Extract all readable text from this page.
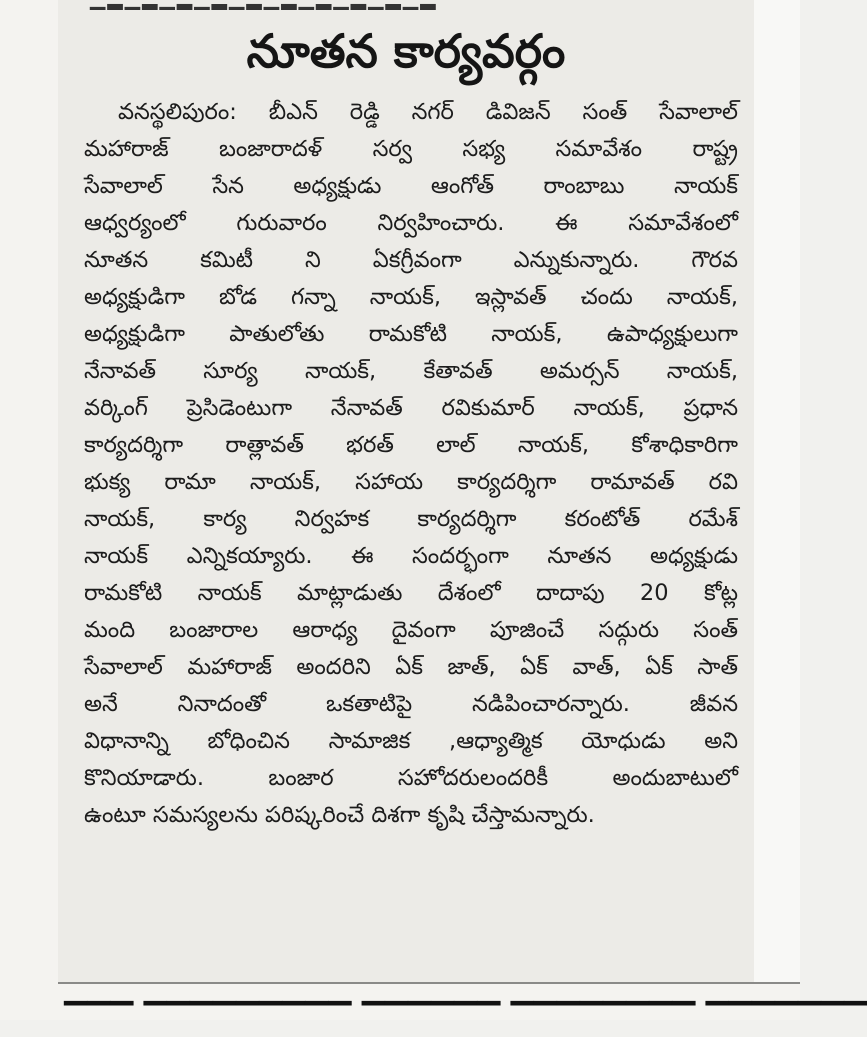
నూతన కార్యవర్గం
వనస్థలిపురం: బీఎన్ రెడ్డి నగర్ డివిజన్ సంత్ సేవాలాల్
మహారాజ్ బంజారాదళ్ సర్వ సభ్య సమావేశం రాష్ట్ర
సేవాలాల్ సేన అధ్యక్షుడు ఆంగోత్ రాంబాబు నాయక్
ఆధ్వర్యంలో గురువారం నిర్వహించారు. ఈ సమావేశంలో
నూతన కమిటీ ని ఏకగ్రీవంగా ఎన్నుకున్నారు. గౌరవ
అధ్యక్షుడిగా బోడ గన్నా నాయక్, ఇస్లావత్ చందు నాయక్,
అధ్యక్షుడిగా పాతులోతు రామకోటి నాయక్, ఉపాధ్యక్షులుగా
నేనావత్ సూర్య నాయక్, కేతావత్ అమర్సన్ నాయక్,
వర్కింగ్ ప్రెసిడెంటుగా నేనావత్ రవికుమార్ నాయక్, ప్రధాన
కార్యదర్శిగా రాత్లావత్ భరత్ లాల్ నాయక్, కోశాధికారిగా
భుక్య రామా నాయక్, సహాయ కార్యదర్శిగా రామావత్ రవి
నాయక్, కార్య నిర్వహక కార్యదర్శిగా కరంటోత్ రమేశ్
నాయక్ ఎన్నికయ్యారు. ఈ సందర్భంగా నూతన అధ్యక్షుడు
రామకోటి నాయక్ మాట్లాడుతు దేశంలో దాదాపు 20 కోట్ల
మంది బంజారాల ఆరాధ్య దైవంగా పూజించే సద్గురు సంత్
సేవాలాల్ మహారాజ్ అందరిని ఏక్ జాత్, ఏక్ వాత్, ఏక్ సాత్
అనే నినాదంతో ఒకతాటిపై నడిపించారన్నారు. జీవన
విధానాన్ని బోధించిన సామాజిక ,ఆధ్యాత్మిక యోధుడు అని
కొనియాడారు. బంజార సహోదరులందరికీ అందుబాటులో
ఉంటూ సమస్యలను పరిష్కరించే దిశగా కృషి చేస్తామన్నారు.
▔▔▔ ▔▔▔▔▔▔▔▔▔ ▔▔▔▔▔▔ ▔▔▔▔▔▔▔▔ ▔▔▔▔▔▔▔
